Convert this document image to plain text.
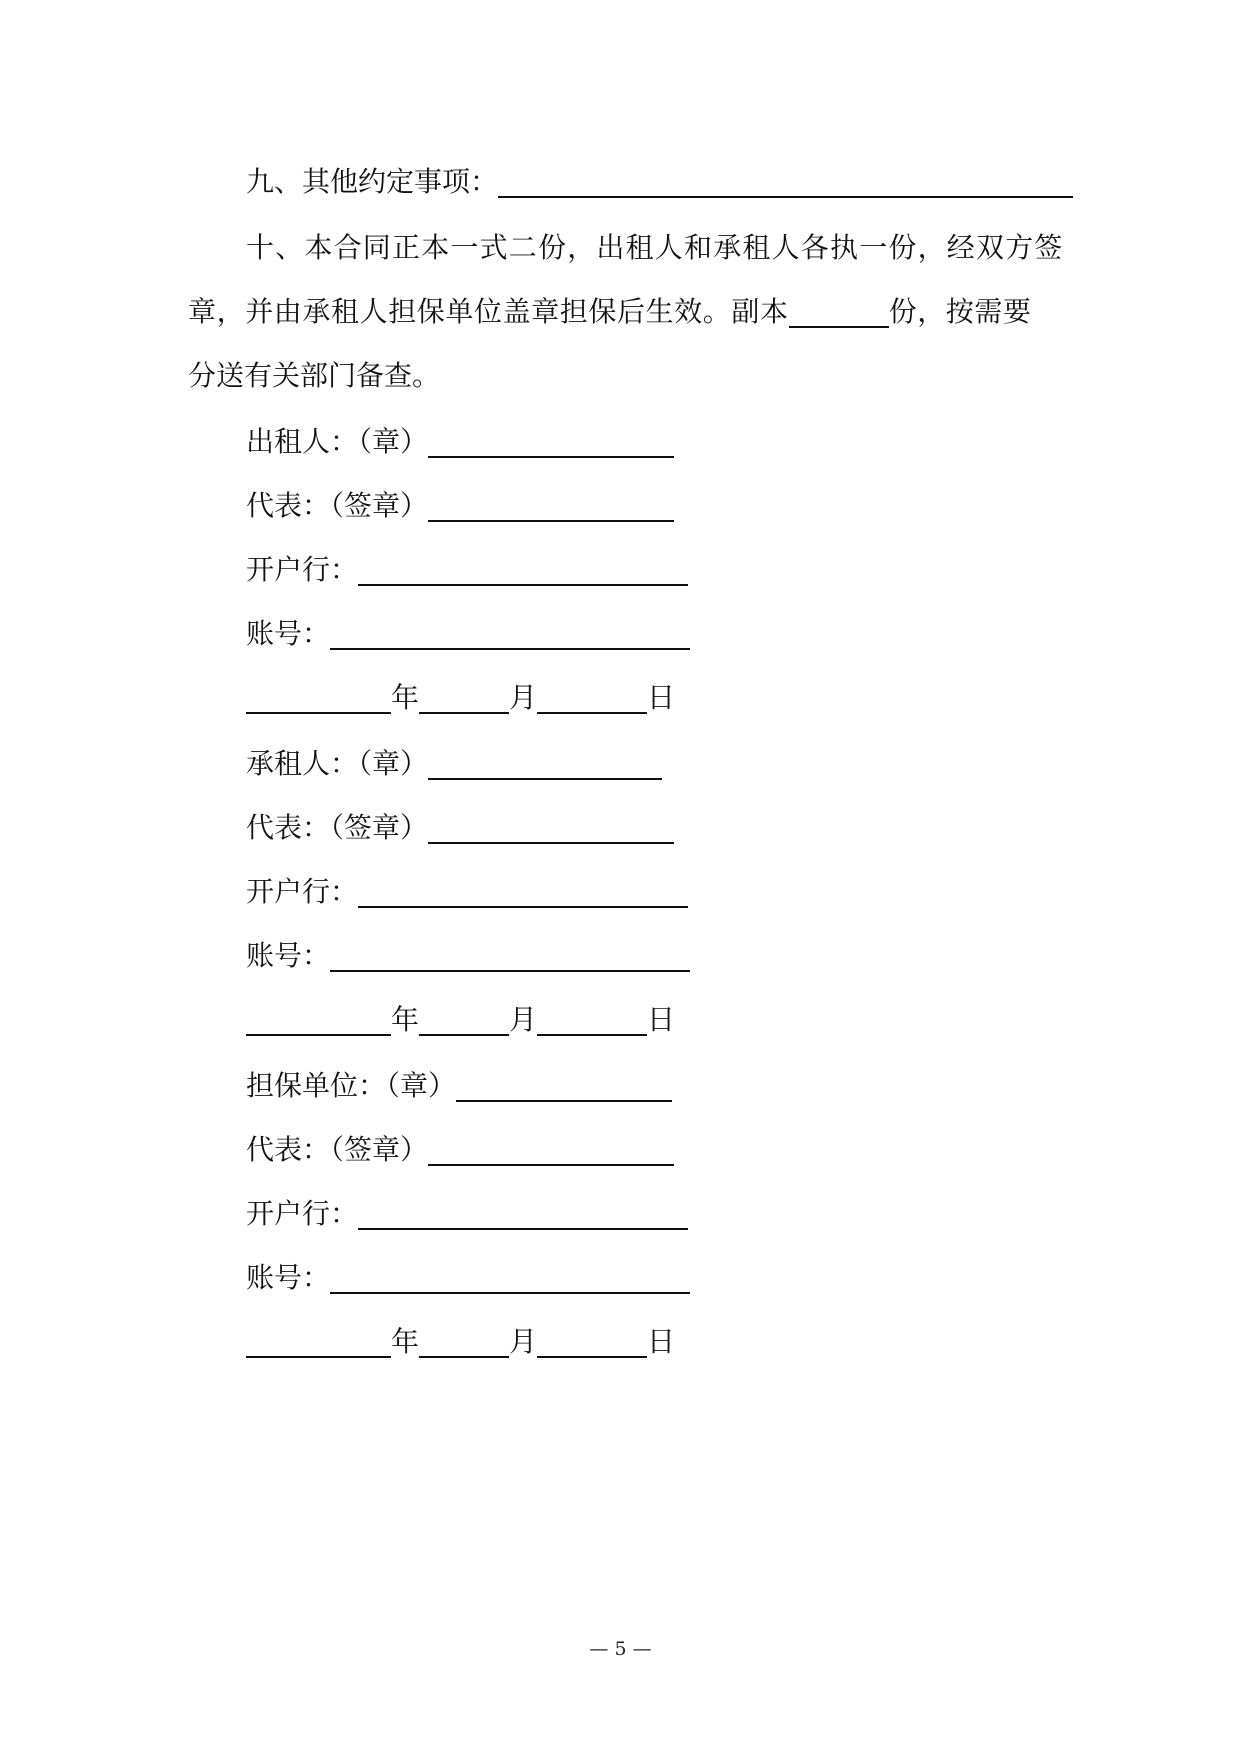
九、其他约定事项：
十、本合同正本一式二份，出租人和承租人各执一份，经双方签
章，并由承租人担保单位盖章担保后生效。副本	份，按需要
分送有关部门备查。
出租人：（章）
代表：（签章）
开户行：
账号：
年	月	日
承租人：（章）
代表：（签章）
开户行：
账号：
年	月	日
担保单位：（章）
代表：（签章）
开户行：
账号：
年	月	日
— 5 —
